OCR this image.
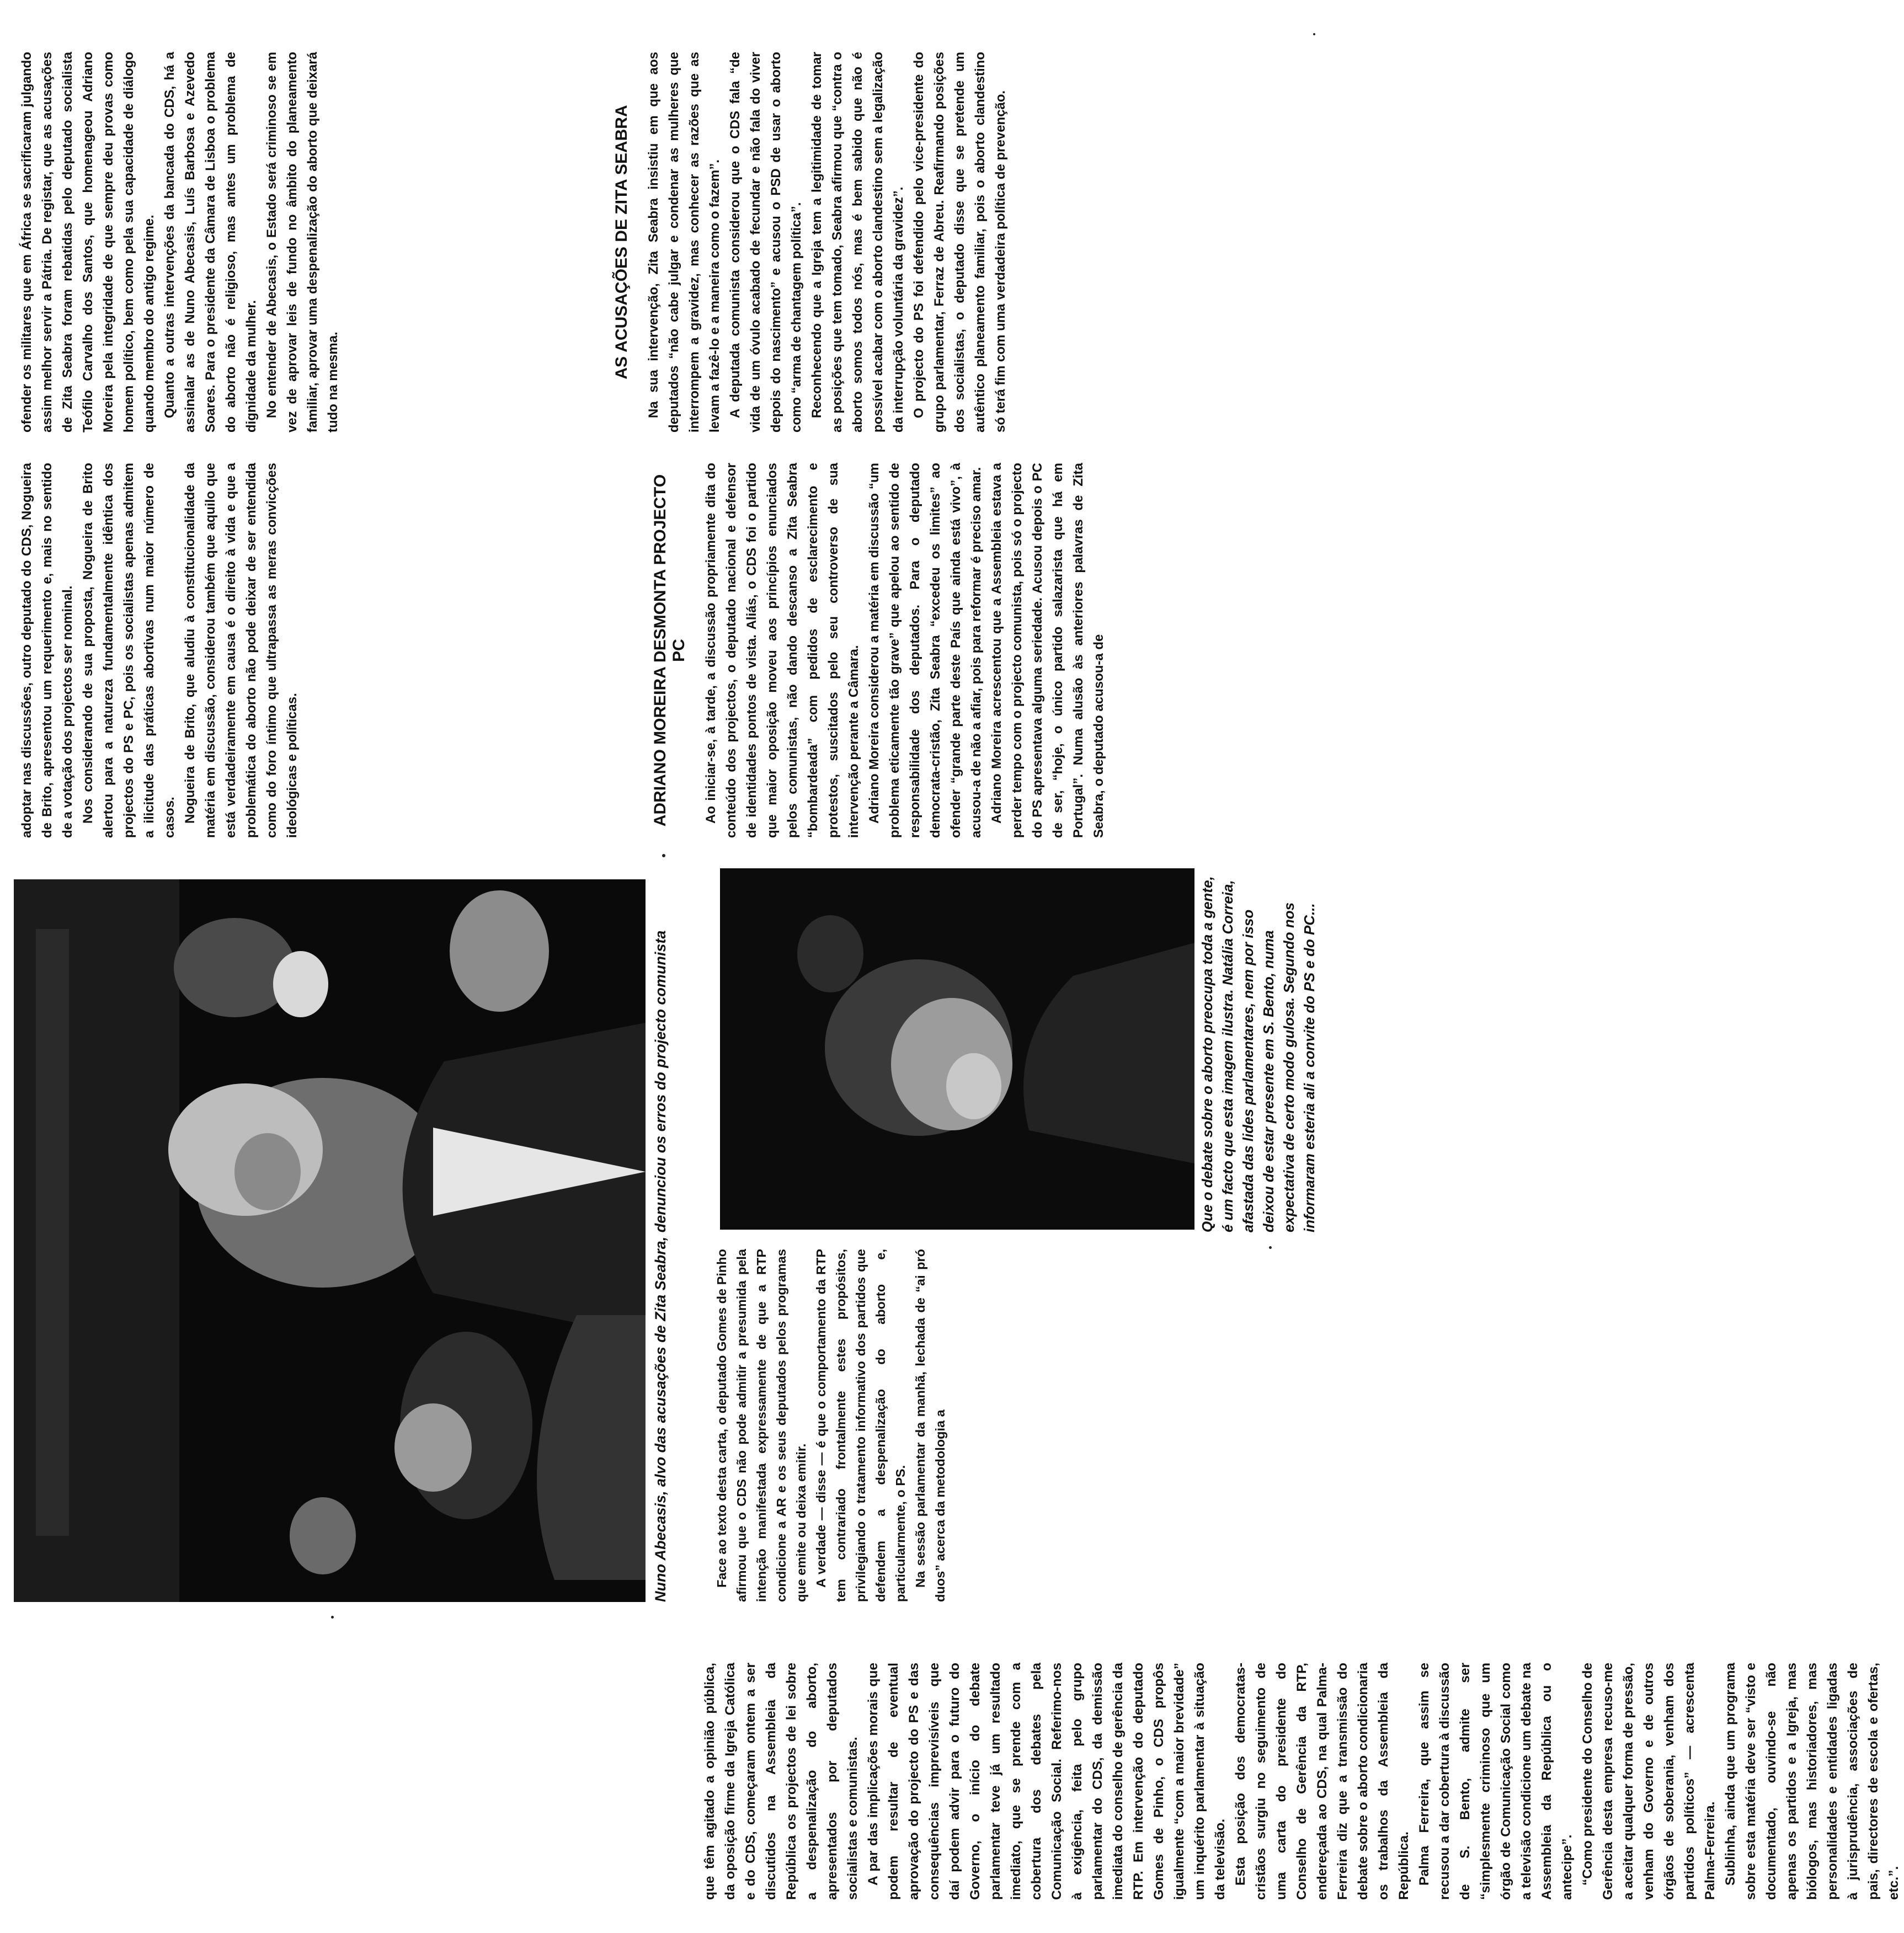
que têm agitado a opinião pública, da oposição firme da Igreja Católica e do CDS, começaram ontem a ser discutidos na Assembleia da República os projectos de lei sobre a despenalização do aborto, apresentados por deputados socialistas e comunistas. A par das implicações morais que podem resultar de eventual aprovação do projecto do PS e das consequências imprevisíveis que daí podem advir para o futuro do Governo, o início do debate parlamentar teve já um resultado imediato, que se prende com a cobertura dos debates pela Comunicação Social. Referimo-nos à exigência, feita pelo grupo parlamentar do CDS, da demissão imediata do conselho de gerência da RTP. Em intervenção do deputado Gomes de Pinho, o CDS propôs igualmente “com a maior brevidade” um inquérito parlamentar à situação da televisão. Esta posição dos democratas-cristãos surgiu no seguimento de uma carta do presidente do Conselho de Gerência da RTP, endereçada ao CDS, na qual Palma-Ferreira diz que a transmissão do debate sobre o aborto condicionaria os trabalhos da Assembleia da República. Palma Ferreira, que assim se recusou a dar cobertura à discussão de S. Bento, admite ser “simplesmente criminoso que um órgão de Comunicação Social como a televisão condicione um debate na Assembleia da República ou o antecipe”. “Como presidente do Conselho de Gerência desta empresa recuso-me a aceitar qualquer forma de pressão, venham do Governo e de outros órgãos de soberania, venham dos partidos políticos” — acrescenta Palma-Ferreira. Sublinha, ainda que um programa sobre esta matéria deve ser “visto e documentado, ouvindo-se não apenas os partidos e a Igreja, mas biólogos, mas historiadores, mas personalidades e entidades ligadas à jurisprudência, associações de pais, directores de escola e ofertas, etc.”.

Nuno Abecasis, alvo das acusações de Zita Seabra, denunciou os erros do projecto comunista	Que o debate sobre o aborto preocupa toda a gente, é um facto que esta imagem ilustra. Natália Correia, afastada das lides parlamentares, nem por isso deixou de estar presente em S. Bento, numa expectativa de certo modo gulosa. Segundo nos informaram esteria ali a convite do PS e do PC...

Face ao texto desta carta, o deputado Gomes de Pinho afirmou que o CDS não pode admitir a presumida pela intenção manifestada expressamente de que a RTP condicione a AR e os seus deputados pelos programas que emite ou deixa emitir. A verdade — disse — é que o comportamento da RTP tem contrariado frontalmente estes propósitos, privilegiando o tratamento informativo dos partidos que defendem a despenalização do aborto e, particularmente, o PS. Na sessão parlamentar da manhã, lechada de “ai pró duos” acerca da metodologia a

adoptar nas discussões, outro deputado do CDS, Nogueira de Brito, apresentou um requerimento e, mais no sentido de a votação dos projectos ser nominal. Nos considerando de sua proposta, Nogueira de Brito alertou para a natureza fundamentalmente idêntica dos projectos do PS e PC, pois os socialistas apenas admitem a ilicitude das práticas abortivas num maior número de casos. Nogueira de Brito, que aludiu à constitucionalidade da matéria em discussão, considerou também que aquilo que está verdadeiramente em causa é o direito à vida e que a problemática do aborto não pode deixar de ser entendida como do foro íntimo que ultrapassa as meras convicções ideológicas e políticas.	ADRIANO MOREIRA DESMONTA PROJECTO PC Ao iniciar-se, à tarde, a discussão propriamente dita do conteúdo dos projectos, o deputado nacional e defensor de identidades pontos de vista. Aliás, o CDS foi o partido que maior oposição moveu aos princípios enunciados pelos comunistas, não dando descanso a Zita Seabra “bombardeada” com pedidos de esclarecimento e protestos, suscitados pelo seu controverso de sua intervenção perante a Câmara. Adriano Moreira considerou a matéria em discussão “um problema eticamente tão grave” que apelou ao sentido de responsabilidade dos deputados. Para o deputado democrata-cristão, Zita Seabra “excedeu os limites” ao ofender “grande parte deste País que ainda está vivo”, à acusou-a de não a afiar, pois para reformar é preciso amar. Adriano Moreira acrescentou que a Assembleia estava a perder tempo com o projecto comunista, pois só o projecto do PS apresentava alguma seriedade. Acusou depois o PC de ser, “hoje, o único partido salazarista que há em Portugal”. Numa alusão às anteriores palavras de Zita Seabra, o deputado acusou-a de

ofender os militares que em África se sacrificaram julgando assim melhor servir a Pátria. De registar, que as acusações de Zita Seabra foram rebatidas pelo deputado socialista Teófilo Carvalho dos Santos, que homenageou Adriano Moreira pela integridade de que sempre deu provas como homem político, bem como pela sua capacidade de diálogo quando membro do antigo regime. Quanto a outras intervenções da bancada do CDS, há a assinalar as de Nuno Abecasis, Luís Barbosa e Azevedo Soares. Para o presidente da Câmara de Lisboa o problema do aborto não é religioso, mas antes um problema de dignidade da mulher. No entender de Abecasis, o Estado será criminoso se em vez de aprovar leis de fundo no âmbito do planeamento familiar, aprovar uma despenalização do aborto que deixará tudo na mesma.

AS ACUSAÇÕES DE ZITA SEABRA Na sua intervenção, Zita Seabra insistiu em que aos deputados “não cabe julgar e condenar as mulheres que interrompem a gravidez, mas conhecer as razões que as levam a fazê-lo e a maneira como o fazem”. A deputada comunista considerou que o CDS fala “de vida de um óvulo acabado de fecundar e não fala do viver depois do nascimento” e acusou o PSD de usar o aborto como “arma de chantagem política”. Reconhecendo que a Igreja tem a legitimidade de tomar as posições que tem tomado, Seabra afirmou que “contra o aborto somos todos nós, mas é bem sabido que não é possível acabar com o aborto clandestino sem a legalização da interrupção voluntária da gravidez”. O projecto do PS foi defendido pelo vice-presidente do grupo parlamentar, Ferraz de Abreu. Reafirmando posições dos socialistas, o deputado disse que se pretende um autêntico planeamento familiar, pois o aborto clandestino só terá fim com uma verdadeira política de prevenção.
